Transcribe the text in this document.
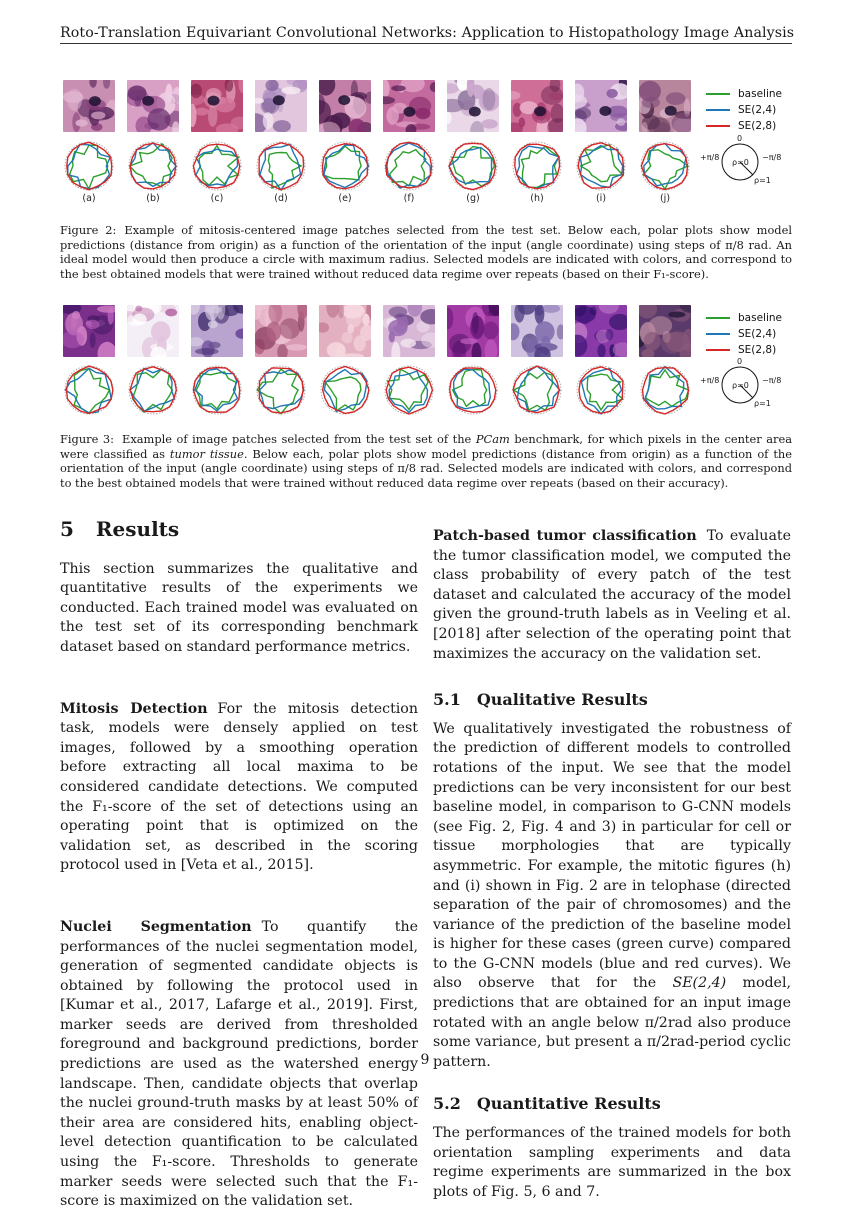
Roto-Translation Equivariant Convolutional Networks: Application to Histopathology Image Analysis
(a)	(b)	(c)	(d)	(e)	(f)	(g)	(h)	(i)	(j)
0
+π/8	−π/8
ρ=0
ρ=1
baseline
SE(2,4)
SE(2,8)
Figure 2: Example of mitosis-centered image patches selected from the test set. Below each, polar plots show model predictions (distance from origin) as a function of the orientation of the input (angle coordinate) using steps of π/8 rad. An ideal model would then produce a circle with maximum radius. Selected models are indicated with colors, and correspond to the best obtained models that were trained without reduced data regime over repeats (based on their F₁-score).
0
+π/8	−π/8
ρ=0
ρ=1
baseline
SE(2,4)
SE(2,8)
Figure 3: Example of image patches selected from the test set of the PCam benchmark, for which pixels in the center area were classified as tumor tissue. Below each, polar plots show model predictions (distance from origin) as a function of the orientation of the input (angle coordinate) using steps of π/8 rad. Selected models are indicated with colors, and correspond to the best obtained models that were trained without reduced data regime over repeats (based on their accuracy).
5 Results

This section summarizes the qualitative and quantitative results of the experiments we conducted. Each trained model was evaluated on the test set of its corresponding benchmark dataset based on standard performance metrics.

Mitosis Detection For the mitosis detection task, models were densely applied on test images, followed by a smoothing operation before extracting all local maxima to be considered candidate detections. We computed the F₁-score of the set of detections using an operating point that is optimized on the validation set, as described in the scoring protocol used in [Veta et al., 2015].

Nuclei Segmentation To quantify the performances of the nuclei segmentation model, generation of segmented candidate objects is obtained by following the protocol used in [Kumar et al., 2017, Lafarge et al., 2019]. First, marker seeds are derived from thresholded foreground and background predictions, border predictions are used as the watershed energy landscape. Then, candidate objects that overlap the nuclei ground-truth masks by at least 50% of their area are considered hits, enabling object-level detection quantification to be calculated using the F₁-score. Thresholds to generate marker seeds were selected such that the F₁-score is maximized on the validation set.

Patch-based tumor classification To evaluate the tumor classification model, we computed the class probability of every patch of the test dataset and calculated the accuracy of the model given the ground-truth labels as in Veeling et al. [2018] after selection of the operating point that maximizes the accuracy on the validation set.

5.1 Qualitative Results

We qualitatively investigated the robustness of the prediction of different models to controlled rotations of the input. We see that the model predictions can be very inconsistent for our best baseline model, in comparison to G-CNN models (see Fig. 2, Fig. 4 and 3) in particular for cell or tissue morphologies that are typically asymmetric. For example, the mitotic figures (h) and (i) shown in Fig. 2 are in telophase (directed separation of the pair of chromosomes) and the variance of the prediction of the baseline model is higher for these cases (green curve) compared to the G-CNN models (blue and red curves). We also observe that for the SE(2,4) model, predictions that are obtained for an input image rotated with an angle below π/2rad also produce some variance, but present a π/2rad-period cyclic pattern.

5.2 Quantitative Results

The performances of the trained models for both orientation sampling experiments and data regime experiments are summarized in the box plots of Fig. 5, 6 and 7.

9
